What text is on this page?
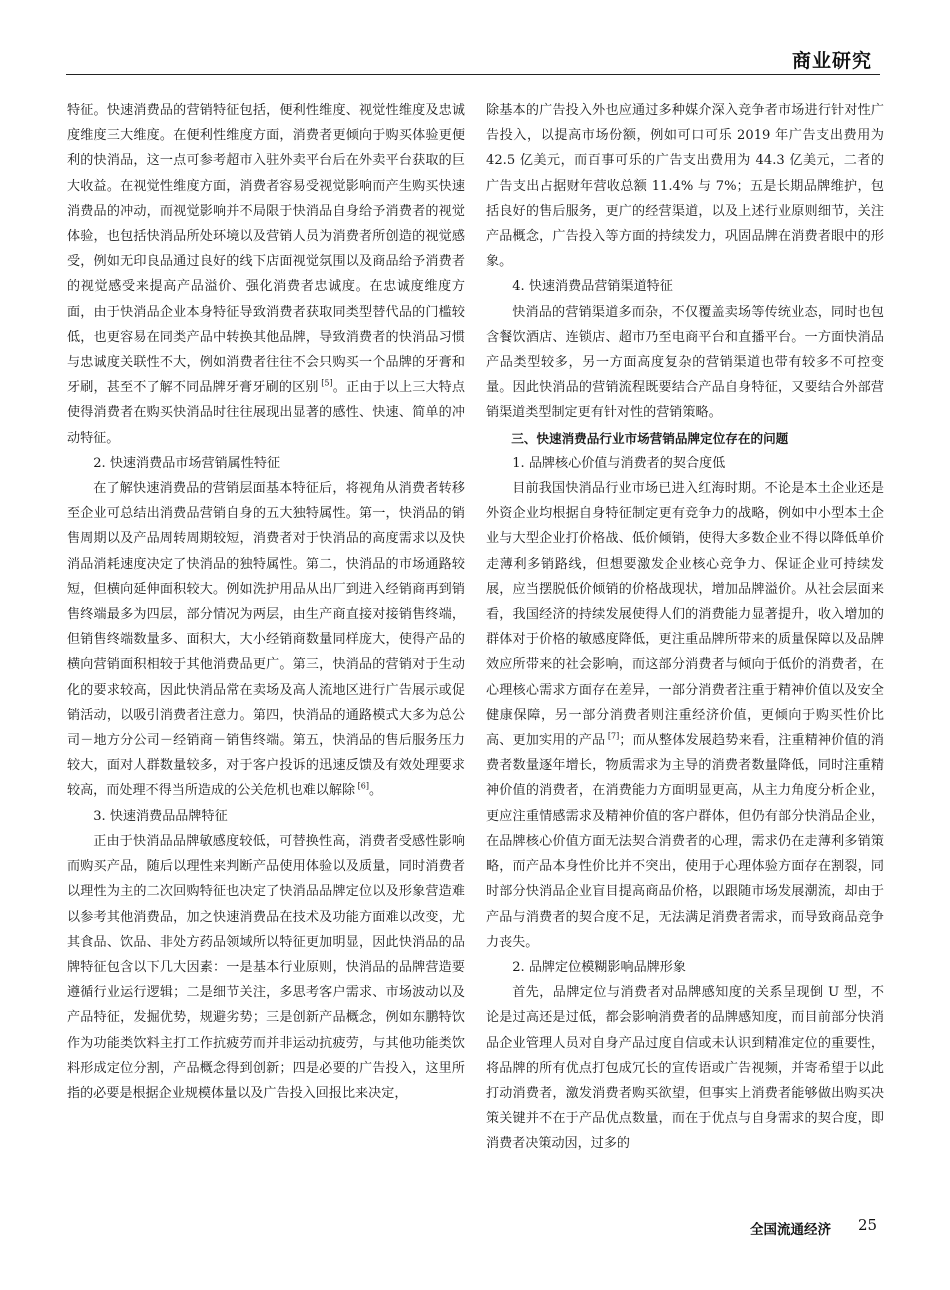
商业研究

特征。快速消费品的营销特征包括，便利性维度、视觉性维度及忠诚度维度三大维度。在便利性维度方面，消费者更倾向于购买体验更便利的快消品，这一点可参考超市入驻外卖平台后在外卖平台获取的巨大收益。在视觉性维度方面，消费者容易受视觉影响而产生购买快速消费品的冲动，而视觉影响并不局限于快消品自身给予消费者的视觉体验，也包括快消品所处环境以及营销人员为消费者所创造的视觉感受，例如无印良品通过良好的线下店面视觉氛围以及商品给予消费者的视觉感受来提高产品溢价、强化消费者忠诚度。在忠诚度维度方面，由于快消品企业本身特征导致消费者获取同类型替代品的门槛较低，也更容易在同类产品中转换其他品牌，导致消费者的快消品习惯与忠诚度关联性不大，例如消费者往往不会只购买一个品牌的牙膏和牙刷，甚至不了解不同品牌牙膏牙刷的区别 [5]。正由于以上三大特点使得消费者在购买快消品时往往展现出显著的感性、快速、简单的冲动特征。

2. 快速消费品市场营销属性特征

在了解快速消费品的营销层面基本特征后，将视角从消费者转移至企业可总结出消费品营销自身的五大独特属性。第一，快消品的销售周期以及产品周转周期较短，消费者对于快消品的高度需求以及快消品消耗速度决定了快消品的独特属性。第二，快消品的市场通路较短，但横向延伸面积较大。例如洗护用品从出厂到进入经销商再到销售终端最多为四层，部分情况为两层，由生产商直接对接销售终端，但销售终端数量多、面积大，大小经销商数量同样庞大，使得产品的横向营销面积相较于其他消费品更广。第三，快消品的营销对于生动化的要求较高，因此快消品常在卖场及高人流地区进行广告展示或促销活动，以吸引消费者注意力。第四，快消品的通路模式大多为总公司－地方分公司－经销商－销售终端。第五，快消品的售后服务压力较大，面对人群数量较多，对于客户投诉的迅速反馈及有效处理要求较高，而处理不得当所造成的公关危机也难以解除 [6]。

3. 快速消费品品牌特征

正由于快消品品牌敏感度较低，可替换性高，消费者受感性影响而购买产品，随后以理性来判断产品使用体验以及质量，同时消费者以理性为主的二次回购特征也决定了快消品品牌定位以及形象营造难以参考其他消费品，加之快速消费品在技术及功能方面难以改变，尤其食品、饮品、非处方药品领域所以特征更加明显，因此快消品的品牌特征包含以下几大因素：一是基本行业原则，快消品的品牌营造要遵循行业运行逻辑；二是细节关注，多思考客户需求、市场波动以及产品特征，发掘优势，规避劣势；三是创新产品概念，例如东鹏特饮作为功能类饮料主打工作抗疲劳而并非运动抗疲劳，与其他功能类饮料形成定位分割，产品概念得到创新；四是必要的广告投入，这里所指的必要是根据企业规模体量以及广告投入回报比来决定，

除基本的广告投入外也应通过多种媒介深入竞争者市场进行针对性广告投入，以提高市场份额，例如可口可乐 2019 年广告支出费用为 42.5 亿美元，而百事可乐的广告支出费用为 44.3 亿美元，二者的广告支出占据财年营收总额 11.4% 与 7%；五是长期品牌维护，包括良好的售后服务，更广的经营渠道，以及上述行业原则细节，关注产品概念，广告投入等方面的持续发力，巩固品牌在消费者眼中的形象。

4. 快速消费品营销渠道特征

快消品的营销渠道多而杂，不仅覆盖卖场等传统业态，同时也包含餐饮酒店、连锁店、超市乃至电商平台和直播平台。一方面快消品产品类型较多，另一方面高度复杂的营销渠道也带有较多不可控变量。因此快消品的营销流程既要结合产品自身特征，又要结合外部营销渠道类型制定更有针对性的营销策略。

三、快速消费品行业市场营销品牌定位存在的问题

1. 品牌核心价值与消费者的契合度低

目前我国快消品行业市场已进入红海时期。不论是本土企业还是外资企业均根据自身特征制定更有竞争力的战略，例如中小型本土企业与大型企业打价格战、低价倾销，使得大多数企业不得以降低单价走薄利多销路线，但想要激发企业核心竞争力、保证企业可持续发展，应当摆脱低价倾销的价格战现状，增加品牌溢价。从社会层面来看，我国经济的持续发展使得人们的消费能力显著提升，收入增加的群体对于价格的敏感度降低，更注重品牌所带来的质量保障以及品牌效应所带来的社会影响，而这部分消费者与倾向于低价的消费者，在心理核心需求方面存在差异，一部分消费者注重于精神价值以及安全健康保障，另一部分消费者则注重经济价值，更倾向于购买性价比高、更加实用的产品 [7]；而从整体发展趋势来看，注重精神价值的消费者数量逐年增长，物质需求为主导的消费者数量降低，同时注重精神价值的消费者，在消费能力方面明显更高，从主力角度分析企业，更应注重情感需求及精神价值的客户群体，但仍有部分快消品企业，在品牌核心价值方面无法契合消费者的心理，需求仍在走薄利多销策略，而产品本身性价比并不突出，使用于心理体验方面存在割裂，同时部分快消品企业盲目提高商品价格，以跟随市场发展潮流，却由于产品与消费者的契合度不足，无法满足消费者需求，而导致商品竞争力丧失。

2. 品牌定位模糊影响品牌形象

首先，品牌定位与消费者对品牌感知度的关系呈现倒 U 型，不论是过高还是过低，都会影响消费者的品牌感知度，而目前部分快消品企业管理人员对自身产品过度自信或未认识到精准定位的重要性，将品牌的所有优点打包成冗长的宣传语或广告视频，并寄希望于以此打动消费者，激发消费者购买欲望，但事实上消费者能够做出购买决策关键并不在于产品优点数量，而在于优点与自身需求的契合度，即消费者决策动因，过多的

全国流通经济 25
